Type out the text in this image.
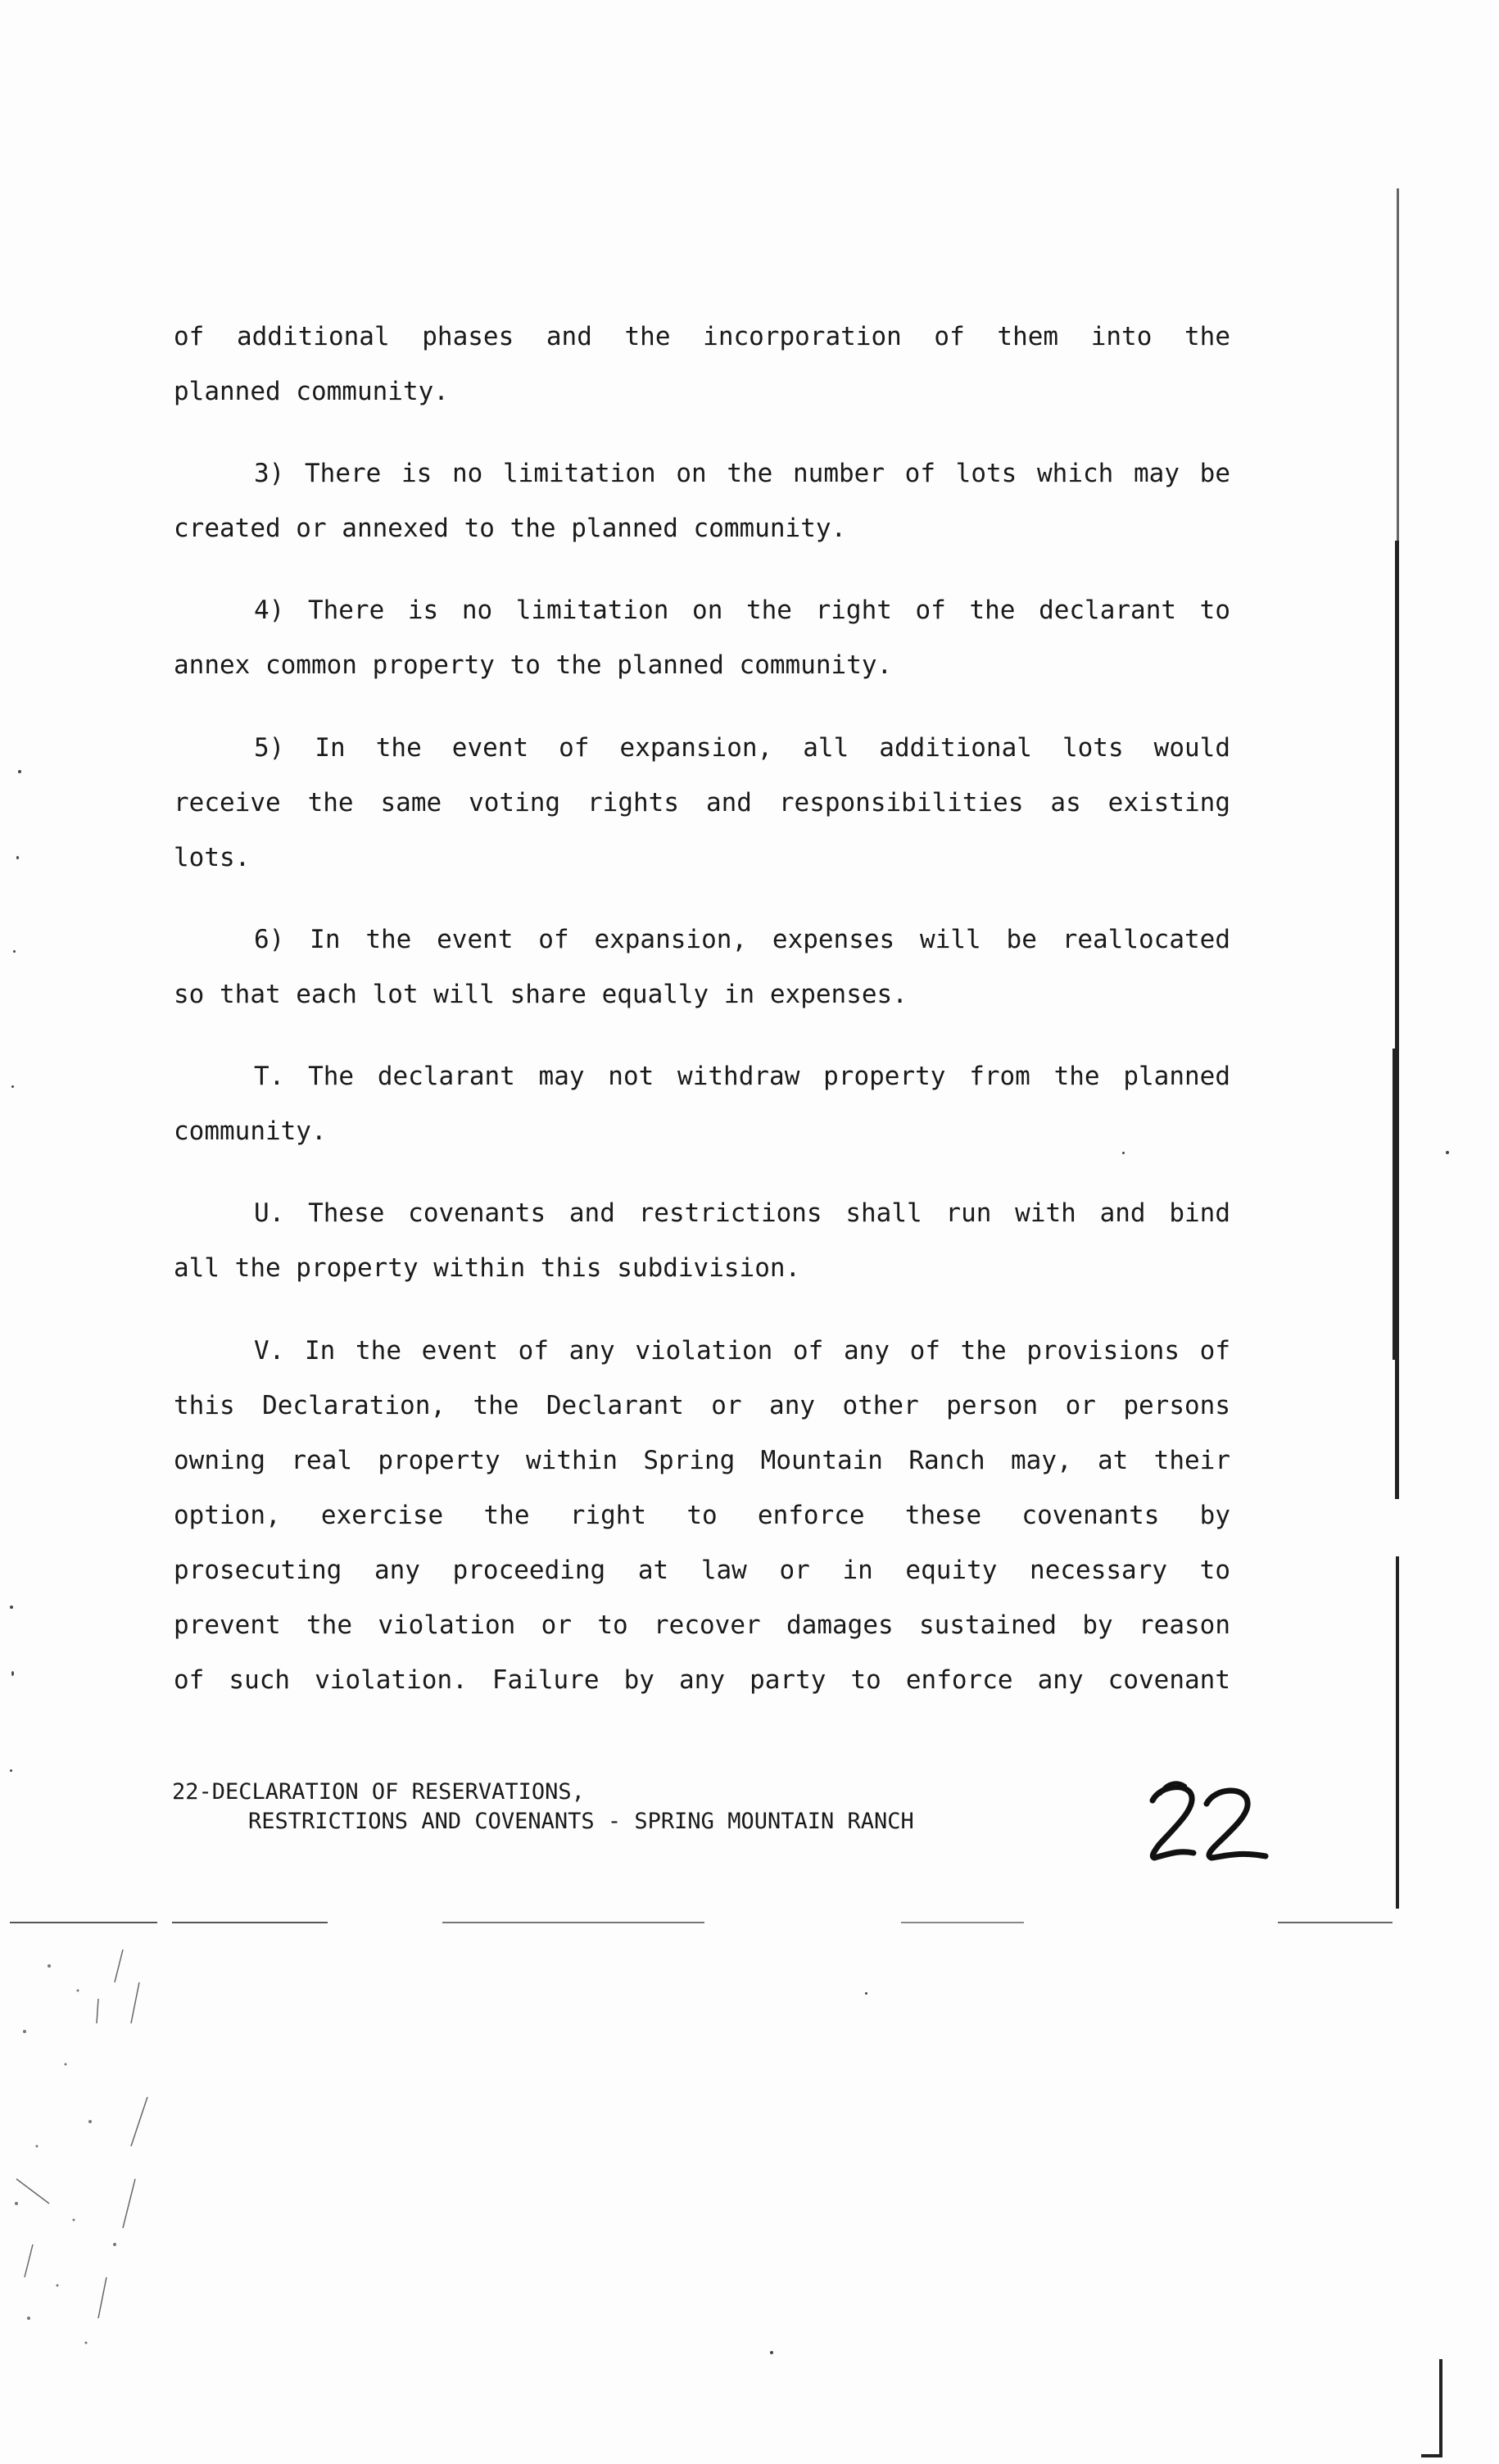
of additional phases and the incorporation of them into the
planned community.
3) There is no limitation on the number of lots which may be
created or annexed to the planned community.
4) There is no limitation on the right of the declarant to
annex common property to the planned community.
5) In the event of expansion, all additional lots would
receive the same voting rights and responsibilities as existing
lots.
6) In the event of expansion, expenses will be reallocated
so that each lot will share equally in expenses.
T. The declarant may not withdraw property from the planned
community.
U. These covenants and restrictions shall run with and bind
all the property within this subdivision.
V. In the event of any violation of any of the provisions of
this Declaration, the Declarant or any other person or persons
owning real property within Spring Mountain Ranch may, at their
option, exercise the right to enforce these covenants by
prosecuting any proceeding at law or in equity necessary to
prevent the violation or to recover damages sustained by reason
of such violation. Failure by any party to enforce any covenant
22-DECLARATION OF RESERVATIONS,
RESTRICTIONS AND COVENANTS - SPRING MOUNTAIN RANCH
